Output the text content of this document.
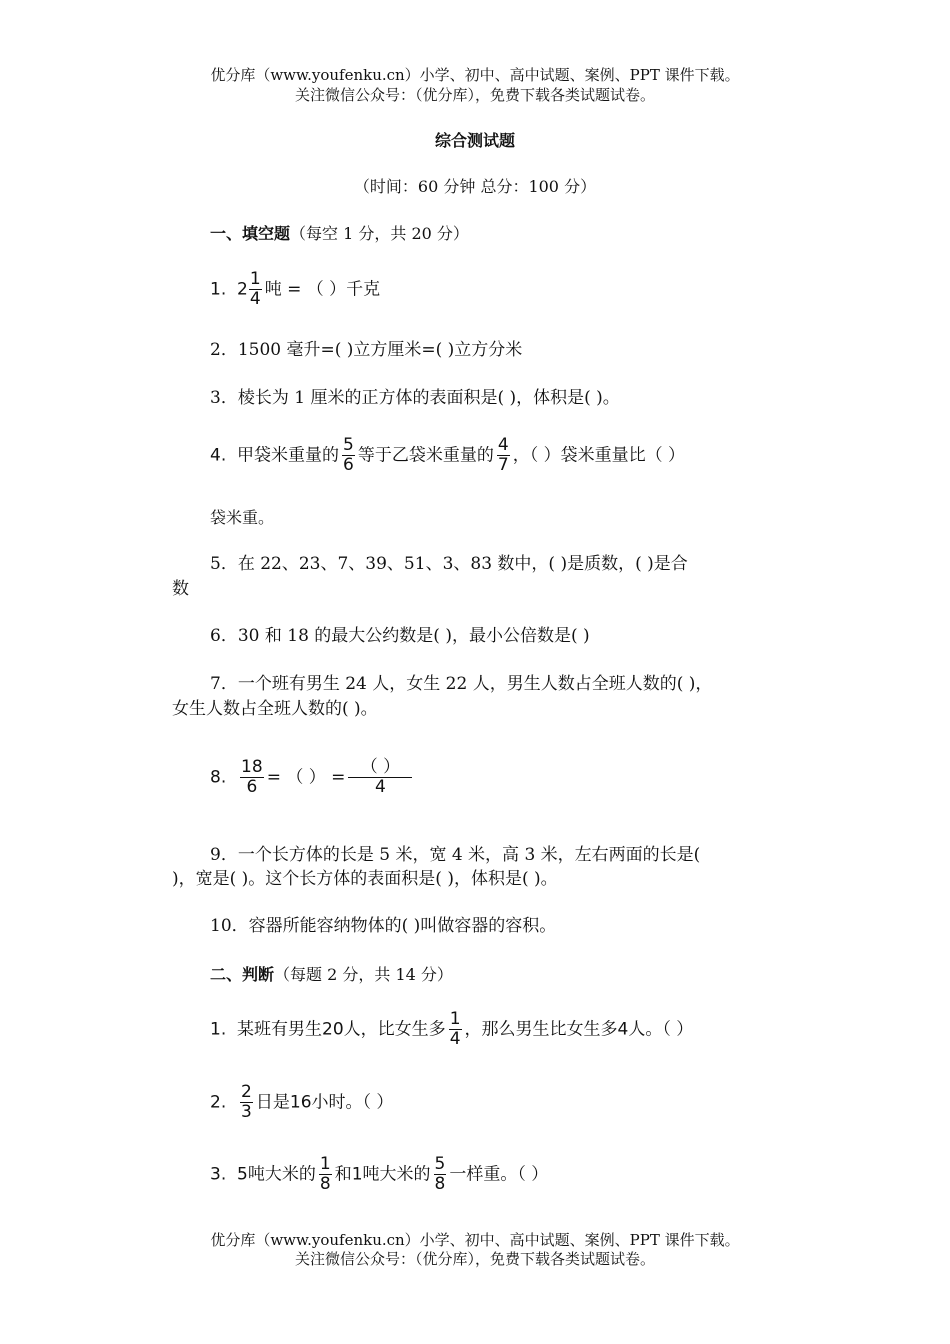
优分库（www.youfenku.cn）小学、初中、高中试题、案例、PPT 课件下载。
关注微信公众号：（优分库），免费下载各类试题试卷。
综合测试题
（时间：60 分钟 总分：100 分）
一、填空题（每空 1 分，共 20 分）
1. $2 \frac{1}{4}$ 吨 = （ ）千克
2．1500 毫升=( )立方厘米=( )立方分米
3．棱长为 1 厘米的正方体的表面积是( )，体积是( )。
4. 甲袋米重量的 $\frac{5}{6}$ 等于乙袋米重量的 $\frac{4}{7}$ ，（ ）袋米重量比（ ）
袋米重。
5．在 22、23、7、39、51、3、83 数中，( )是质数，( )是合
数
6．30 和 18 的最大公约数是( )，最小公倍数是( )
7．一个班有男生 24 人，女生 22 人，男生人数占全班人数的( )，
女生人数占全班人数的( )。
8. $\frac{18}{6}$ = （ ） = $\frac{( )}{4}$
9．一个长方体的长是 5 米，宽 4 米，高 3 米，左右两面的长是(
)，宽是( )。这个长方体的表面积是( )，体积是( )。
10．容器所能容纳物体的( )叫做容器的容积。
二、判断（每题 2 分，共 14 分）
1. 某班有男生20人，比女生多 $\frac{1}{4}$ ，那么男生比女生多4人。（ ）
2. $\frac{2}{3}$ 日是16小时。（ ）
3. 5吨大米的 $\frac{1}{8}$ 和1吨大米的 $\frac{5}{8}$ 一样重。（ ）
优分库（www.youfenku.cn）小学、初中、高中试题、案例、PPT 课件下载。
关注微信公众号：（优分库），免费下载各类试题试卷。
